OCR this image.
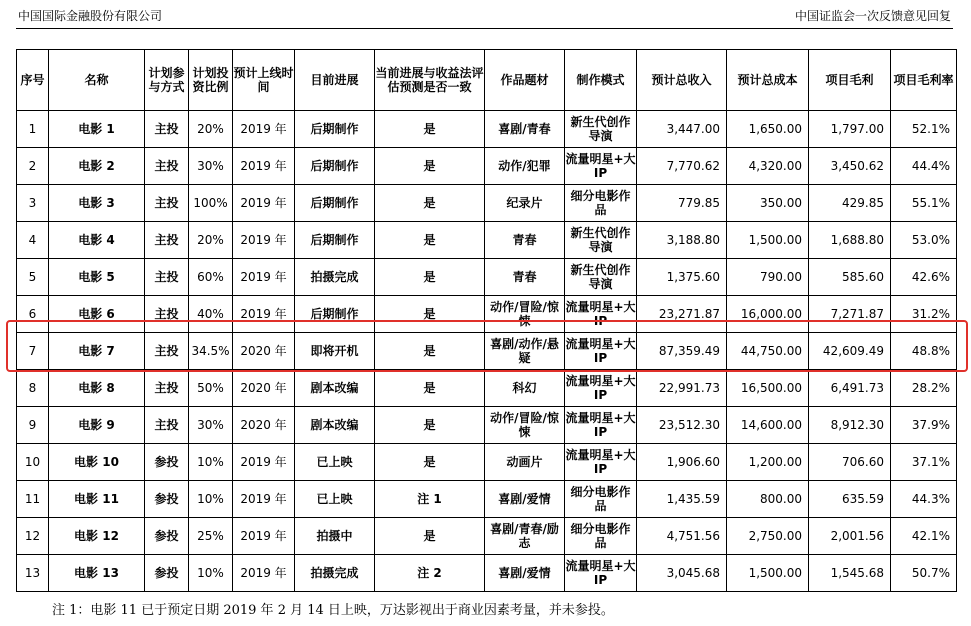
中国国际金融股份有限公司	中国证监会一次反馈意见回复
序号	名称	计划参与方式	计划投资比例	预计上线时间	目前进展	当前进展与收益法评估预测是否一致	作品题材	制作模式	预计总收入	预计总成本	项目毛利	项目毛利率
1	电影 1	主投	20%	2019 年	后期制作	是	喜剧/青春	新生代创作导演	3,447.00	1,650.00	1,797.00	52.1%
2	电影 2	主投	30%	2019 年	后期制作	是	动作/犯罪	流量明星+大 IP	7,770.62	4,320.00	3,450.62	44.4%
3	电影 3	主投	100%	2019 年	后期制作	是	纪录片	细分电影作品	779.85	350.00	429.85	55.1%
4	电影 4	主投	20%	2019 年	后期制作	是	青春	新生代创作导演	3,188.80	1,500.00	1,688.80	53.0%
5	电影 5	主投	60%	2019 年	拍摄完成	是	青春	新生代创作导演	1,375.60	790.00	585.60	42.6%
6	电影 6	主投	40%	2019 年	后期制作	是	动作/冒险/惊悚	流量明星+大 IP	23,271.87	16,000.00	7,271.87	31.2%
7	电影 7	主投	34.5%	2020 年	即将开机	是	喜剧/动作/悬疑	流量明星+大 IP	87,359.49	44,750.00	42,609.49	48.8%
8	电影 8	主投	50%	2020 年	剧本改编	是	科幻	流量明星+大 IP	22,991.73	16,500.00	6,491.73	28.2%
9	电影 9	主投	30%	2020 年	剧本改编	是	动作/冒险/惊悚	流量明星+大 IP	23,512.30	14,600.00	8,912.30	37.9%
10	电影 10	参投	10%	2019 年	已上映	是	动画片	流量明星+大 IP	1,906.60	1,200.00	706.60	37.1%
11	电影 11	参投	10%	2019 年	已上映	注 1	喜剧/爱情	细分电影作品	1,435.59	800.00	635.59	44.3%
12	电影 12	参投	25%	2019 年	拍摄中	是	喜剧/青春/励志	细分电影作品	4,751.56	2,750.00	2,001.56	42.1%
13	电影 13	参投	10%	2019 年	拍摄完成	注 2	喜剧/爱情	流量明星+大 IP	3,045.68	1,500.00	1,545.68	50.7%
注 1：电影 11 已于预定日期 2019 年 2 月 14 日上映，万达影视出于商业因素考量，并未参投。
